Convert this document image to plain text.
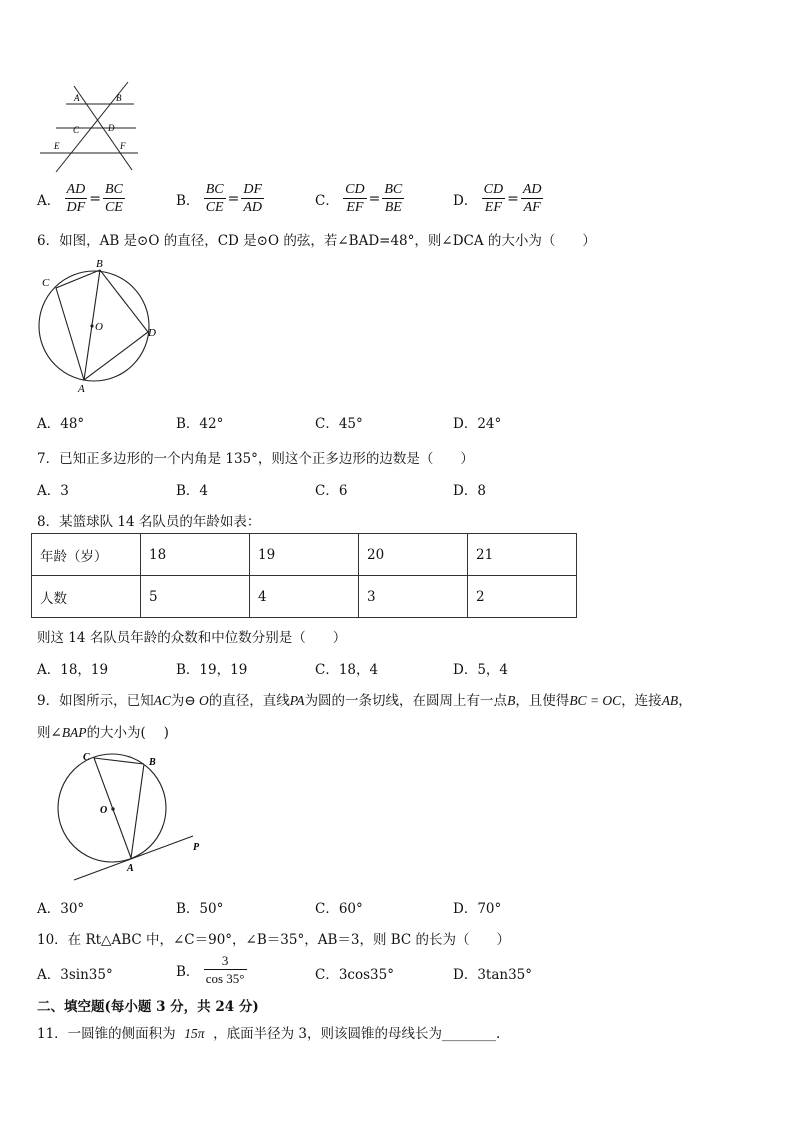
A	B
C	D
E	F
A． $\frac{AD}{DF} = \frac{BC}{CE}$	B． $\frac{BC}{CE} = \frac{DF}{AD}$	C． $\frac{CD}{EF} = \frac{BC}{BE}$	D． $\frac{CD}{EF} = \frac{AD}{AF}$
6．如图，AB 是⊙O 的直径，CD 是⊙O 的弦，若∠BAD=48°，则∠DCA 的大小为（　　）
B
C
O	D
A
A．48°	B．42°	C．45°	D．24°
7．已知正多边形的一个内角是 135°，则这个正多边形的边数是（　　）
A．3	B．4	C．6	D．8
8．某篮球队 14 名队员的年龄如表：
年龄（岁）	18	19	20	21
人数	5	4	3	2
则这 14 名队员年龄的众数和中位数分别是（　　）
A．18，19	B．19，19	C．18，4	D．5，4
9．如图所示，已知AC为⊖ O的直径，直线PA为圆的一条切线，在圆周上有一点B，且使得BC = OC，连接AB，
则∠BAP的大小为(　 )
C	B
O
P
A
A．30°	B．50°	C．60°	D．70°
10．在 Rt△ABC 中，∠C＝90°，∠B＝35°，AB＝3，则 BC 的长为（　　）
A．3sin35°	B． $\frac{3}{\cos 35^\circ}$	C．3cos35°	D．3tan35°
二、填空题(每小题 3 分，共 24 分)
11．一圆锥的侧面积为 15π ，底面半径为 3，则该圆锥的母线长为________.
